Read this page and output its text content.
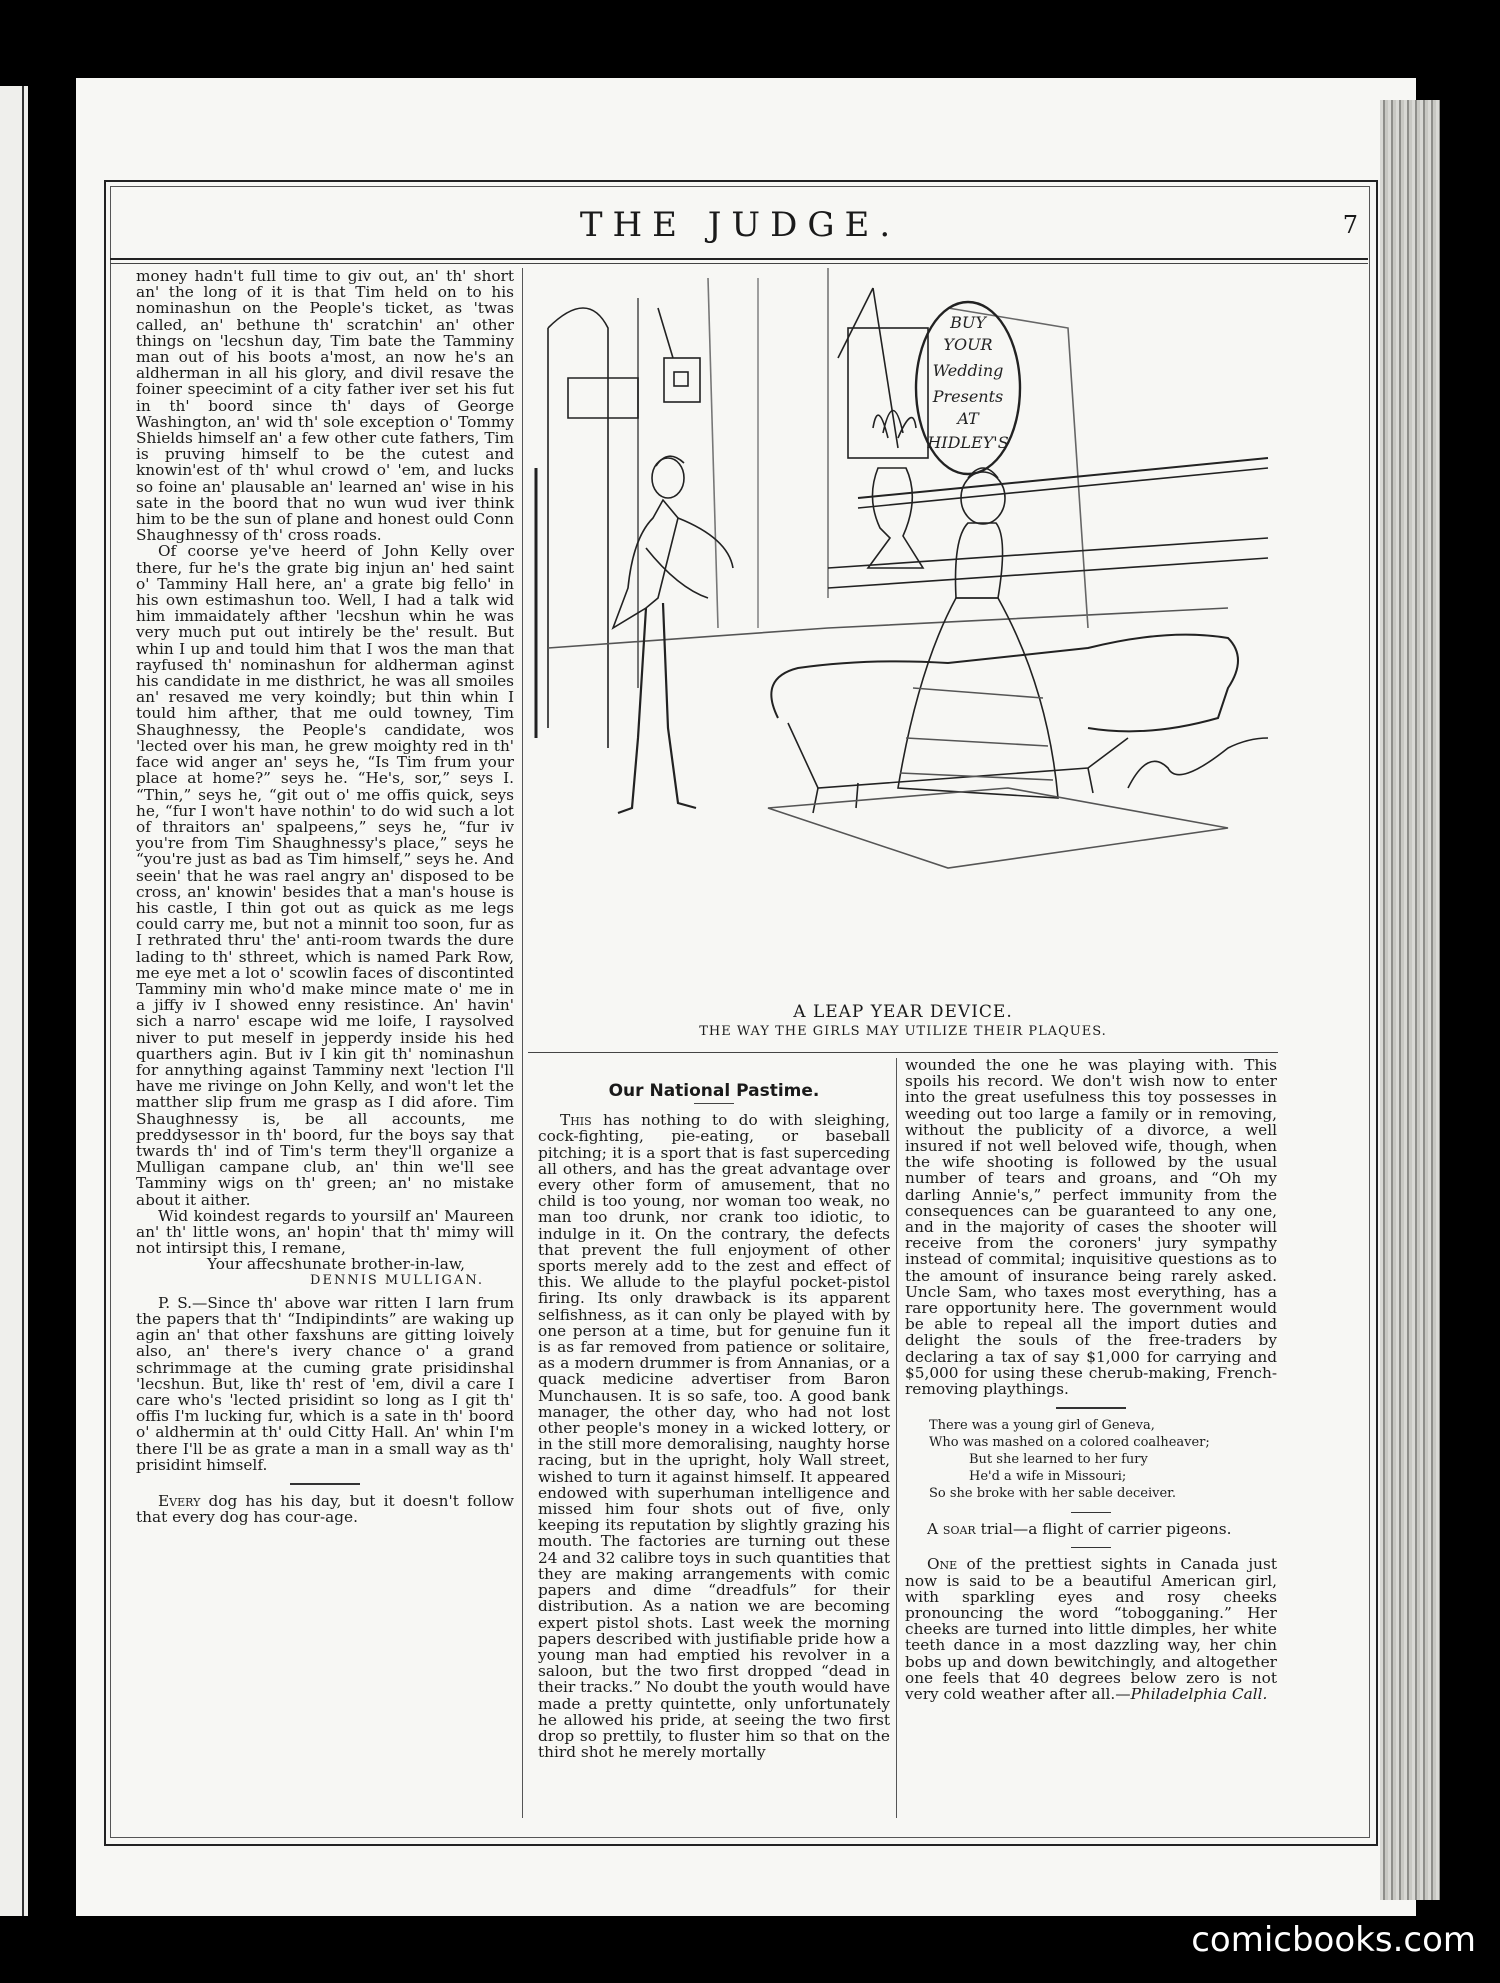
THE JUDGE.	7

money hadn't full time to giv out, an' th' short an' the long of it is that Tim held on to his nominashun on the People's ticket, as 'twas called, an' bethune th' scratchin' an' other things on 'lecshun day, Tim bate the Tamminy man out of his boots a'most, an now he's an aldherman in all his glory, and divil resave the foiner speecimint of a city father iver set his fut in th' boord since th' days of George Washington, an' wid th' sole exception o' Tommy Shields himself an' a few other cute fathers, Tim is pruving himself to be the cutest and knowin'est of th' whul crowd o' 'em, and lucks so foine an' plausable an' learned an' wise in his sate in the boord that no wun wud iver think him to be the sun of plane and honest ould Conn Shaughnessy of th' cross roads.

Of coorse ye've heerd of John Kelly over there, fur he's the grate big injun an' hed saint o' Tamminy Hall here, an' a grate big fello' in his own estimashun too. Well, I had a talk wid him immaidately afther 'lecshun whin he was very much put out intirely be the' result. But whin I up and tould him that I wos the man that rayfused th' nominashun for aldherman aginst his candidate in me disthrict, he was all smoiles an' resaved me very koindly; but thin whin I tould him afther, that me ould towney, Tim Shaughnessy, the People's candidate, wos 'lected over his man, he grew moighty red in th' face wid anger an' seys he, “Is Tim frum your place at home?” seys he. “He's, sor,” seys I. “Thin,” seys he, “git out o' me offis quick, seys he, “fur I won't have nothin' to do wid such a lot of thraitors an' spalpeens,” seys he, “fur iv you're from Tim Shaughnessy's place,” seys he “you're just as bad as Tim himself,” seys he. And seein' that he was rael angry an' disposed to be cross, an' knowin' besides that a man's house is his castle, I thin got out as quick as me legs could carry me, but not a minnit too soon, fur as I rethrated thru' the' anti-room twards the dure lading to th' sthreet, which is named Park Row, me eye met a lot o' scowlin faces of discontinted Tamminy min who'd make mince mate o' me in a jiffy iv I showed enny resistince. An' havin' sich a narro' escape wid me loife, I raysolved niver to put meself in jepperdy inside his hed quarthers agin. But iv I kin git th' nominashun for annything against Tamminy next 'lection I'll have me rivinge on John Kelly, and won't let the matther slip frum me grasp as I did afore. Tim Shaughnessy is, be all accounts, me preddysessor in th' boord, fur the boys say that twards th' ind of Tim's term they'll organize a Mulligan campane club, an' thin we'll see Tamminy wigs on th' green; an' no mistake about it aither.

Wid koindest regards to yoursilf an' Maureen an' th' little wons, an' hopin' that th' mimy will not intirsipt this, I remane,

Your affecshunate brother-in-law,

DENNIS MULLIGAN.

P. S.—Since th' above war ritten I larn frum the papers that th' “Indipindints” are waking up agin an' that other faxshuns are gitting loively also, an' there's ivery chance o' a grand schrimmage at the cuming grate prisidinshal 'lecshun. But, like th' rest of 'em, divil a care I care who's 'lected prisidint so long as I git th' offis I'm lucking fur, which is a sate in th' boord o' aldhermin at th' ould Citty Hall. An' whin I'm there I'll be as grate a man in a small way as th' prisidint himself.

Every dog has his day, but it doesn't follow that every dog has cour-age.

BUY
YOUR
Wedding
Presents
AT
HIDLEY'S
A LEAP YEAR DEVICE.
THE WAY THE GIRLS MAY UTILIZE THEIR PLAQUES.
Our National Pastime.

This has nothing to do with sleighing, cock-fighting, pie-eating, or baseball pitching; it is a sport that is fast superceding all others, and has the great advantage over every other form of amusement, that no child is too young, nor woman too weak, no man too drunk, nor crank too idiotic, to indulge in it. On the contrary, the defects that prevent the full enjoyment of other sports merely add to the zest and effect of this. We allude to the playful pocket-pistol firing. Its only drawback is its apparent selfishness, as it can only be played with by one person at a time, but for genuine fun it is as far removed from patience or solitaire, as a modern drummer is from Annanias, or a quack medicine advertiser from Baron Munchausen. It is so safe, too. A good bank manager, the other day, who had not lost other people's money in a wicked lottery, or in the still more demoralising, naughty horse racing, but in the upright, holy Wall street, wished to turn it against himself. It appeared endowed with superhuman intelligence and missed him four shots out of five, only keeping its reputation by slightly grazing his mouth. The factories are turning out these 24 and 32 calibre toys in such quantities that they are making arrangements with comic papers and dime “dreadfuls” for their distribution. As a nation we are becoming expert pistol shots. Last week the morning papers described with justifiable pride how a young man had emptied his revolver in a saloon, but the two first dropped “dead in their tracks.” No doubt the youth would have made a pretty quintette, only unfortunately he allowed his pride, at seeing the two first drop so prettily, to fluster him so that on the third shot he merely mortally

wounded the one he was playing with. This spoils his record. We don't wish now to enter into the great usefulness this toy possesses in weeding out too large a family or in removing, without the publicity of a divorce, a well insured if not well beloved wife, though, when the wife shooting is followed by the usual number of tears and groans, and “Oh my darling Annie's,” perfect immunity from the consequences can be guaranteed to any one, and in the majority of cases the shooter will receive from the coroners' jury sympathy instead of commital; inquisitive questions as to the amount of insurance being rarely asked. Uncle Sam, who taxes most everything, has a rare opportunity here. The government would be able to repeal all the import duties and delight the souls of the free-traders by declaring a tax of say $1,000 for carrying and $5,000 for using these cherub-making, French-removing playthings.

There was a young girl of Geneva,
Who was mashed on a colored coalheaver;
But she learned to her fury
He'd a wife in Missouri;
So she broke with her sable deceiver.

A soar trial—a flight of carrier pigeons.

One of the prettiest sights in Canada just now is said to be a beautiful American girl, with sparkling eyes and rosy cheeks pronouncing the word “tobogganing.” Her cheeks are turned into little dimples, her white teeth dance in a most dazzling way, her chin bobs up and down bewitchingly, and altogether one feels that 40 degrees below zero is not very cold weather after all.—Philadelphia Call.

comicbooks.com
